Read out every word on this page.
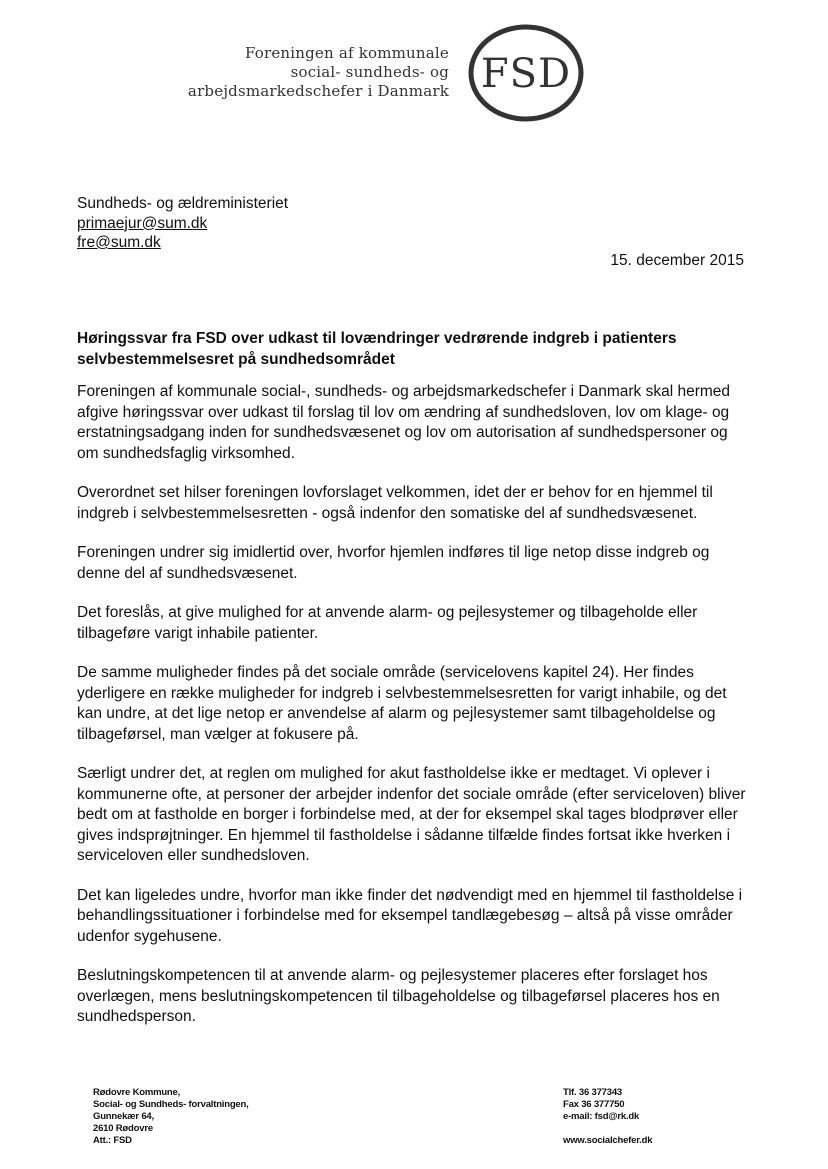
Foreningen af kommunale
social- sundheds- og
arbejdsmarkedschefer i Danmark FSD
Sundheds- og ældreministeriet
primaejur@sum.dk
fre@sum.dk
15. december 2015
Høringssvar fra FSD over udkast til lovændringer vedrørende indgreb i patienters selvbestemmelsesret på sundhedsområdet

Foreningen af kommunale social-, sundheds- og arbejdsmarkedschefer i Danmark skal hermed afgive høringssvar over udkast til forslag til lov om ændring af sundhedsloven, lov om klage- og erstatningsadgang inden for sundhedsvæsenet og lov om autorisation af sundhedspersoner og om sundhedsfaglig virksomhed.

Overordnet set hilser foreningen lovforslaget velkommen, idet der er behov for en hjemmel til indgreb i selvbestemmelsesretten - også indenfor den somatiske del af sundhedsvæsenet.

Foreningen undrer sig imidlertid over, hvorfor hjemlen indføres til lige netop disse indgreb og denne del af sundhedsvæsenet.

Det foreslås, at give mulighed for at anvende alarm- og pejlesystemer og tilbageholde eller tilbageføre varigt inhabile patienter.

De samme muligheder findes på det sociale område (servicelovens kapitel 24). Her findes yderligere en række muligheder for indgreb i selvbestemmelsesretten for varigt inhabile, og det kan undre, at det lige netop er anvendelse af alarm og pejlesystemer samt tilbageholdelse og tilbageførsel, man vælger at fokusere på.

Særligt undrer det, at reglen om mulighed for akut fastholdelse ikke er medtaget. Vi oplever i kommunerne ofte, at personer der arbejder indenfor det sociale område (efter serviceloven) bliver bedt om at fastholde en borger i forbindelse med, at der for eksempel skal tages blodprøver eller gives indsprøjtninger. En hjemmel til fastholdelse i sådanne tilfælde findes fortsat ikke hverken i serviceloven eller sundhedsloven.

Det kan ligeledes undre, hvorfor man ikke finder det nødvendigt med en hjemmel til fastholdelse i behandlingssituationer i forbindelse med for eksempel tandlægebesøg – altså på visse områder udenfor sygehusene.

Beslutningskompetencen til at anvende alarm- og pejlesystemer placeres efter forslaget hos overlægen, mens beslutningskompetencen til tilbageholdelse og tilbageførsel placeres hos en sundhedsperson.

Rødovre Kommune,
Social- og Sundheds- forvaltningen,
Gunnekær 64,
2610 Rødovre
Att.: FSD
Tlf. 36 377343
Fax 36 377750
e-mail: fsd@rk.dk
www.socialchefer.dk
